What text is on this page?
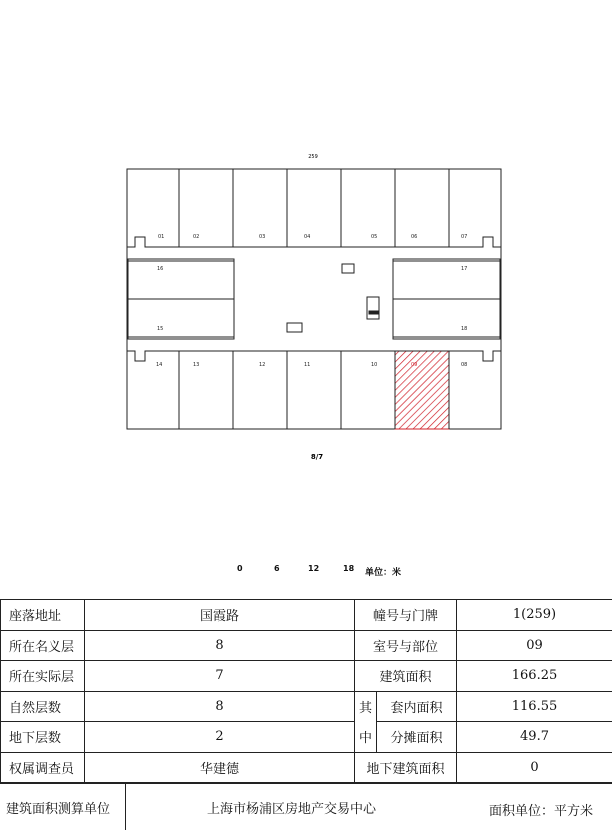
259
01	02	03	04	05	06	07
16
15
17
18
14	13	12	11	10	09	08
8/7
0	6	12	18 单位：米
座落地址	国霞路	幢号与门牌		1(259)
所在名义层	8	室号与部位		09
所在实际层	7	建筑面积		166.25
自然层数	8	其	套内面积	116.55
地下层数	2	中	分摊面积	49.7
权属调查员	华建德	地下建筑面积		0
建筑面积测算单位	上海市杨浦区房地产交易中心	面积单位：平方米
